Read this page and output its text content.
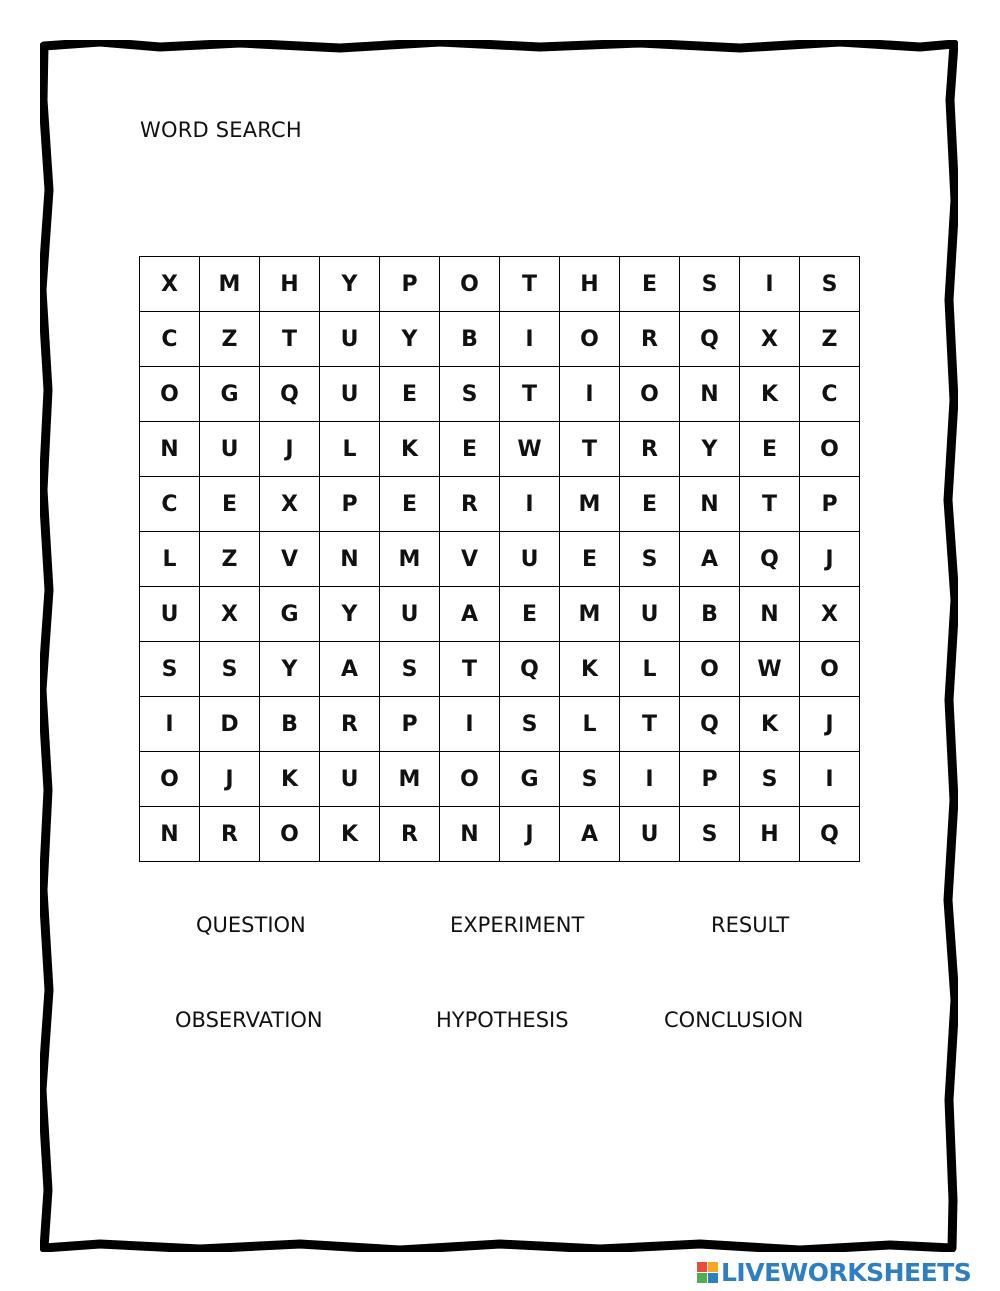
WORD SEARCH
X	M	H	Y	P	O	T	H	E	S	I	S
C	Z	T	U	Y	B	I	O	R	Q	X	Z
O	G	Q	U	E	S	T	I	O	N	K	C
N	U	J	L	K	E	W	T	R	Y	E	O
C	E	X	P	E	R	I	M	E	N	T	P
L	Z	V	N	M	V	U	E	S	A	Q	J
U	X	G	Y	U	A	E	M	U	B	N	X
S	S	Y	A	S	T	Q	K	L	O	W	O
I	D	B	R	P	I	S	L	T	Q	K	J
O	J	K	U	M	O	G	S	I	P	S	I
N	R	O	K	R	N	J	A	U	S	H	Q
QUESTION	EXPERIMENT	RESULT
OBSERVATION	HYPOTHESIS	CONCLUSION
LIVEWORKSHEETS
